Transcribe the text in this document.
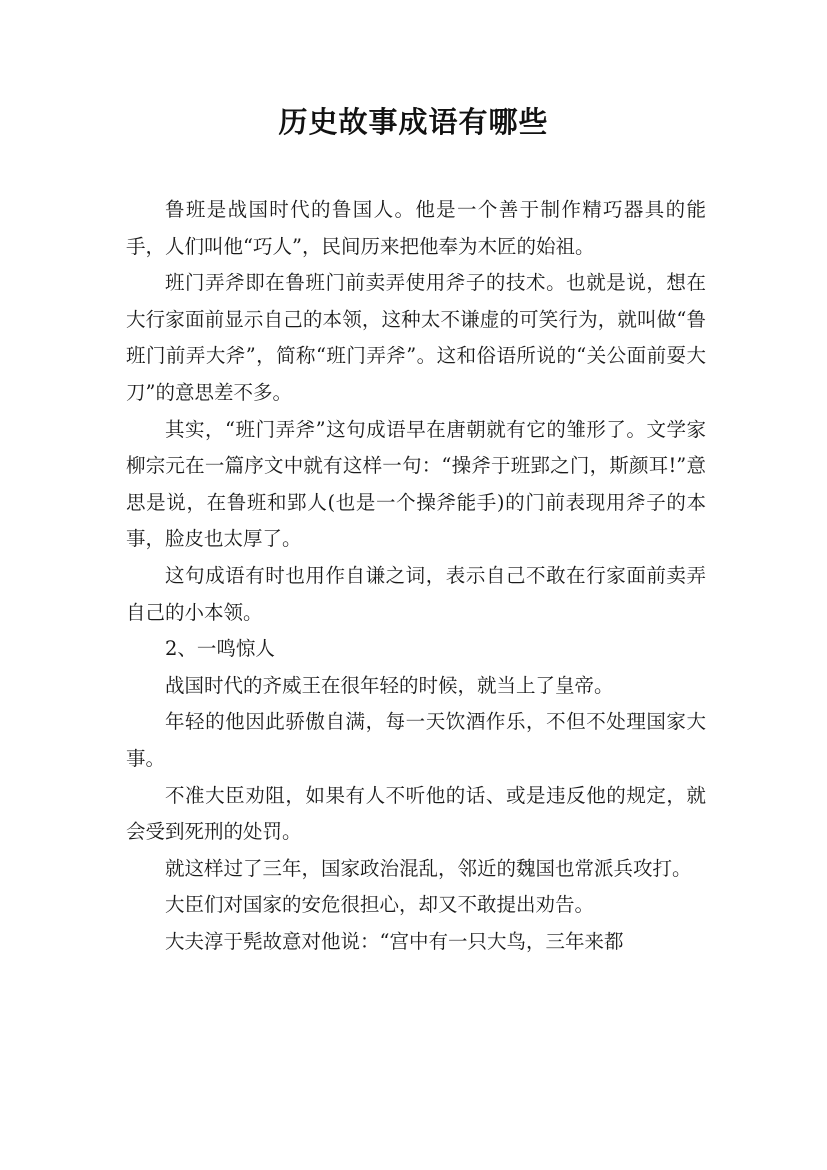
历史故事成语有哪些

鲁班是战国时代的鲁国人。他是一个善于制作精巧器具的能手，人们叫他“巧人”，民间历来把他奉为木匠的始祖。

班门弄斧即在鲁班门前卖弄使用斧子的技术。也就是说，想在大行家面前显示自己的本领，这种太不谦虚的可笑行为，就叫做“鲁班门前弄大斧”，简称“班门弄斧”。这和俗语所说的“关公面前耍大刀”的意思差不多。

其实，“班门弄斧”这句成语早在唐朝就有它的雏形了。文学家柳宗元在一篇序文中就有这样一句：“操斧于班郢之门，斯颜耳!”意思是说，在鲁班和郢人(也是一个操斧能手)的门前表现用斧子的本事，脸皮也太厚了。

这句成语有时也用作自谦之词，表示自己不敢在行家面前卖弄自己的小本领。

2、一鸣惊人

战国时代的齐威王在很年轻的时候，就当上了皇帝。

年轻的他因此骄傲自满，每一天饮酒作乐，不但不处理国家大事。

不准大臣劝阻，如果有人不听他的话、或是违反他的规定，就会受到死刑的处罚。

就这样过了三年，国家政治混乱，邻近的魏国也常派兵攻打。

大臣们对国家的安危很担心，却又不敢提出劝告。

大夫淳于髡故意对他说：“宫中有一只大鸟，三年来都
